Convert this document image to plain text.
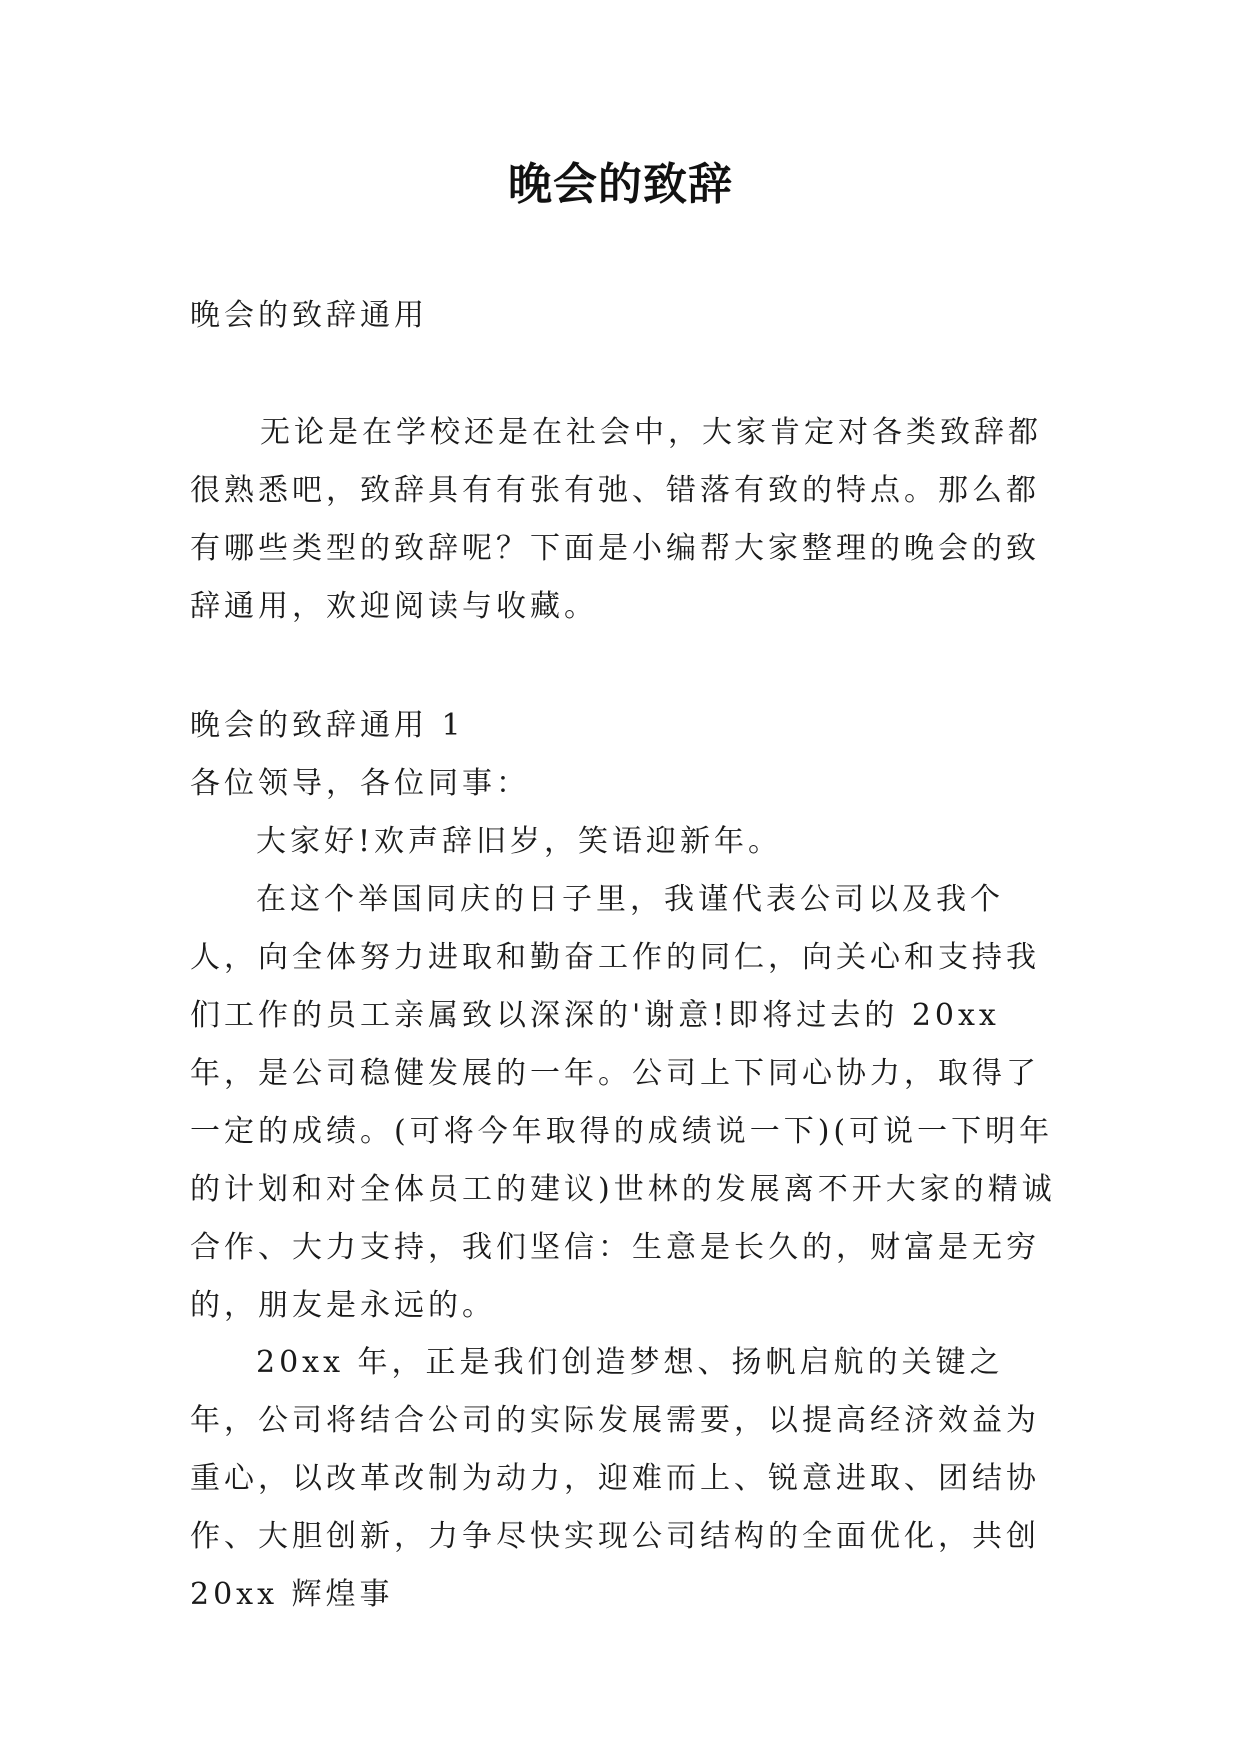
晚会的致辞
晚会的致辞通用
无论是在学校还是在社会中，大家肯定对各类致辞都很熟悉吧，致辞具有有张有弛、错落有致的特点。那么都有哪些类型的致辞呢？下面是小编帮大家整理的晚会的致辞通用，欢迎阅读与收藏。
晚会的致辞通用 1
各位领导，各位同事：
大家好!欢声辞旧岁，笑语迎新年。
在这个举国同庆的日子里，我谨代表公司以及我个人，向全体努力进取和勤奋工作的同仁，向关心和支持我们工作的员工亲属致以深深的'谢意!即将过去的 20xx 年，是公司稳健发展的一年。公司上下同心协力，取得了一定的成绩。(可将今年取得的成绩说一下)(可说一下明年的计划和对全体员工的建议)世林的发展离不开大家的精诚合作、大力支持，我们坚信：生意是长久的，财富是无穷的，朋友是永远的。
20xx 年，正是我们创造梦想、扬帆启航的关键之年，公司将结合公司的实际发展需要，以提高经济效益为重心，以改革改制为动力，迎难而上、锐意进取、团结协作、大胆创新，力争尽快实现公司结构的全面优化，共创 20xx 辉煌事
